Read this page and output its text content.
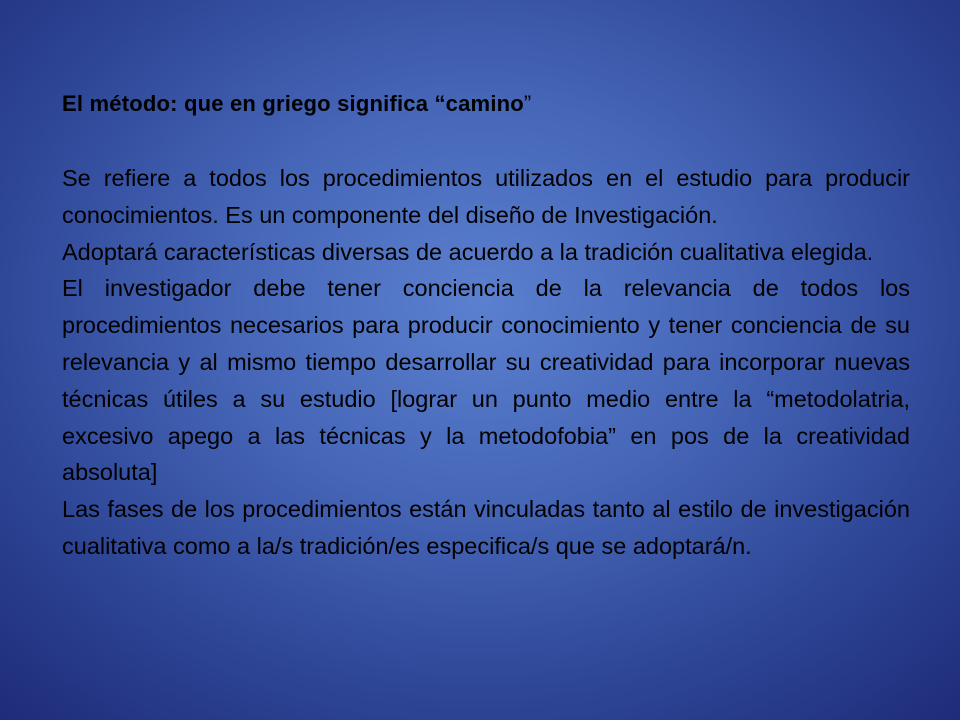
El método: que en griego significa “camino”

Se refiere a todos los procedimientos utilizados en el estudio para producir conocimientos. Es un componente del diseño de Investigación.

Adoptará características diversas de acuerdo a la tradición cualitativa elegida.

El investigador debe tener conciencia de la relevancia de todos los procedimientos necesarios para producir conocimiento y tener conciencia de su relevancia y al mismo tiempo desarrollar su creatividad para incorporar nuevas técnicas útiles a su estudio [lograr un punto medio entre la “metodolatria, excesivo apego a las técnicas y la metodofobia” en pos de la creatividad absoluta]

Las fases de los procedimientos están vinculadas tanto al estilo de investigación cualitativa como a la/s tradición/es especifica/s que se adoptará/n.
